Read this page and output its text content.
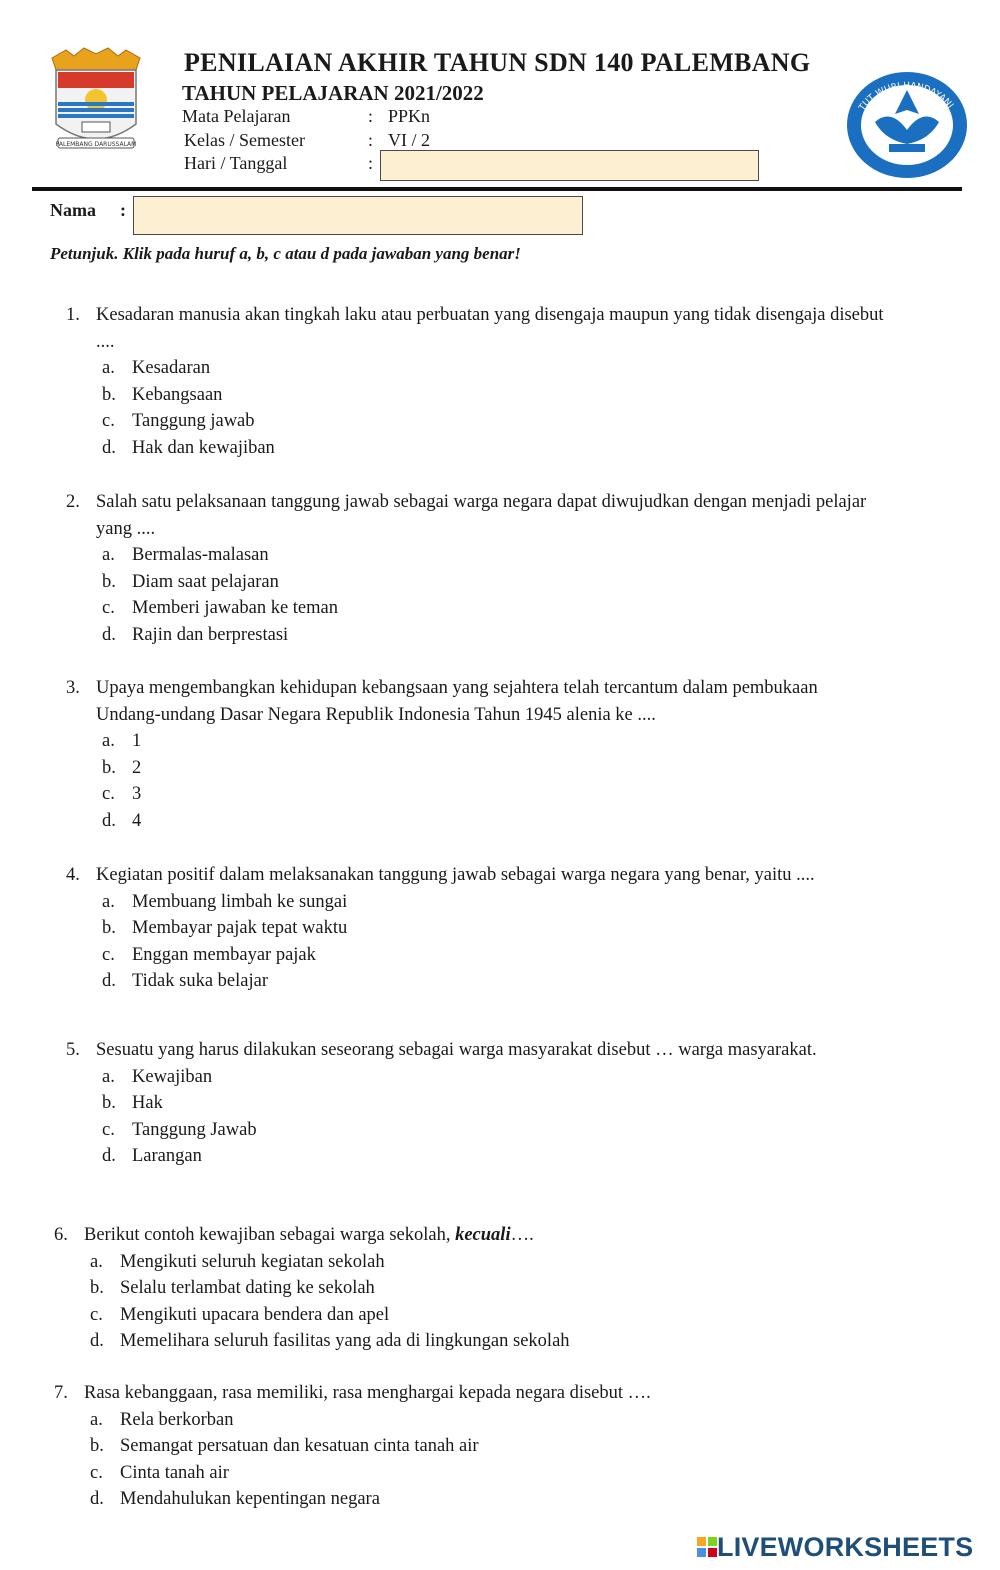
PALEMBANG DARUSSALAM
PENILAIAN AKHIR TAHUN SDN 140 PALEMBANG
TAHUN PELAJARAN 2021/2022
Mata Pelajaran	: PPKn
Kelas / Semester	: VI / 2
Hari / Tanggal	:
TUT WURI HANDAYANI
Nama :
Petunjuk. Klik pada huruf a, b, c atau d pada jawaban yang benar!
1. Kesadaran manusia akan tingkah laku atau perbuatan yang disengaja maupun yang tidak disengaja disebut ....
a. Kesadaran
b. Kebangsaan
c. Tanggung jawab
d. Hak dan kewajiban
2. Salah satu pelaksanaan tanggung jawab sebagai warga negara dapat diwujudkan dengan menjadi pelajar yang ....
a. Bermalas-malasan
b. Diam saat pelajaran
c. Memberi jawaban ke teman
d. Rajin dan berprestasi
3. Upaya mengembangkan kehidupan kebangsaan yang sejahtera telah tercantum dalam pembukaan Undang-undang Dasar Negara Republik Indonesia Tahun 1945 alenia ke ....
a. 1
b. 2
c. 3
d. 4
4. Kegiatan positif dalam melaksanakan tanggung jawab sebagai warga negara yang benar, yaitu ....
a. Membuang limbah ke sungai
b. Membayar pajak tepat waktu
c. Enggan membayar pajak
d. Tidak suka belajar
5. Sesuatu yang harus dilakukan seseorang sebagai warga masyarakat disebut … warga masyarakat.
a. Kewajiban
b. Hak
c. Tanggung Jawab
d. Larangan
6. Berikut contoh kewajiban sebagai warga sekolah, kecuali….
a. Mengikuti seluruh kegiatan sekolah
b. Selalu terlambat dating ke sekolah
c. Mengikuti upacara bendera dan apel
d. Memelihara seluruh fasilitas yang ada di lingkungan sekolah
7. Rasa kebanggaan, rasa memiliki, rasa menghargai kepada negara disebut ….
a. Rela berkorban
b. Semangat persatuan dan kesatuan cinta tanah air
c. Cinta tanah air
d. Mendahulukan kepentingan negara
LIVEWORKSHEETS
